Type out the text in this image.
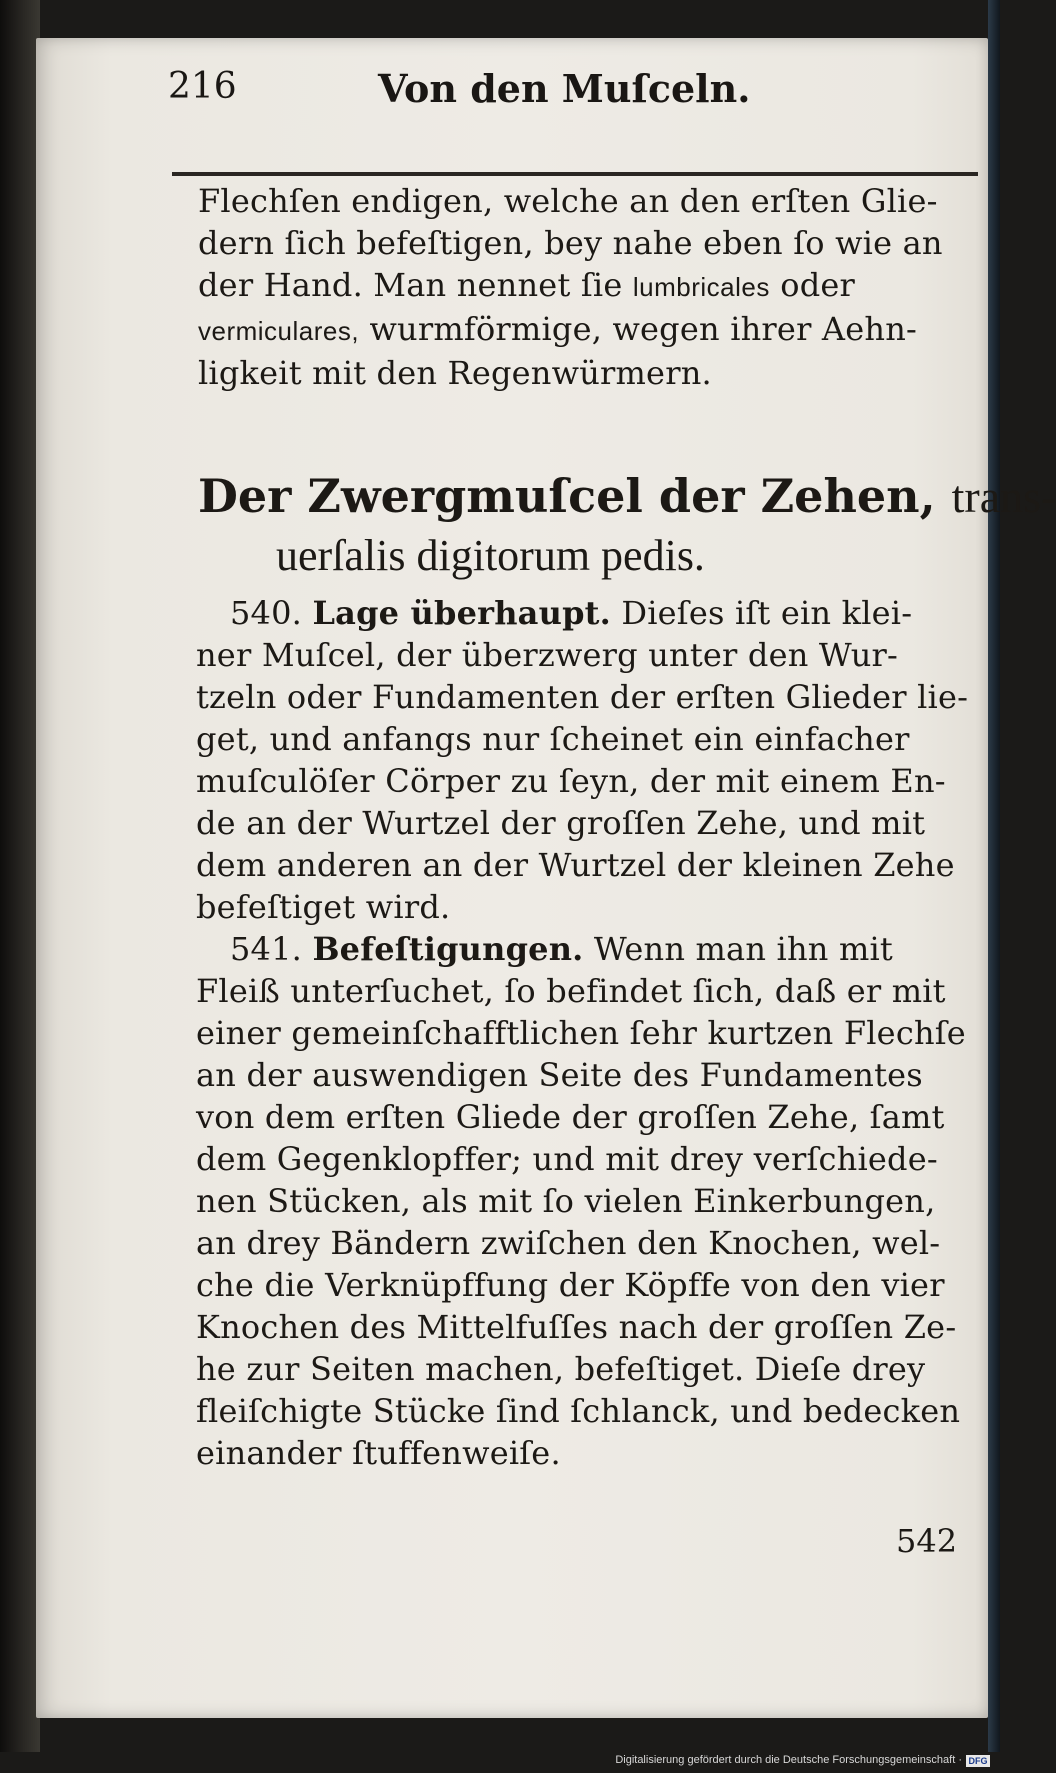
216	Von den Muſceln.
Flechſen endigen, welche an den erſten Glie-
dern ſich befeſtigen, bey nahe eben ſo wie an
der Hand. Man nennet ſie lumbricales oder
vermiculares, wurmförmige, wegen ihrer Aehn-
ligkeit mit den Regenwürmern.
Der Zwergmuſcel der Zehen, trans-
uerſalis digitorum pedis.
540. Lage überhaupt. Dieſes iſt ein klei-
ner Muſcel, der überzwerg unter den Wur-
tzeln oder Fundamenten der erſten Glieder lie-
get, und anfangs nur ſcheinet ein einfacher
muſculöſer Cörper zu ſeyn, der mit einem En-
de an der Wurtzel der groſſen Zehe, und mit
dem anderen an der Wurtzel der kleinen Zehe
befeſtiget wird.
541. Befeſtigungen. Wenn man ihn mit
Fleiß unterſuchet, ſo befindet ſich, daß er mit
einer gemeinſchafftlichen ſehr kurtzen Flechſe
an der auswendigen Seite des Fundamentes
von dem erſten Gliede der groſſen Zehe, ſamt
dem Gegenklopffer; und mit drey verſchiede-
nen Stücken, als mit ſo vielen Einkerbungen,
an drey Bändern zwiſchen den Knochen, wel-
che die Verknüpffung der Köpffe von den vier
Knochen des Mittelfuſſes nach der groſſen Ze-
he zur Seiten machen, befeſtiget. Dieſe drey
fleiſchigte Stücke ſind ſchlanck, und bedecken
einander ſtuffenweiſe.
542
Digitalisierung gefördert durch die Deutsche Forschungsgemeinschaft · DFG
